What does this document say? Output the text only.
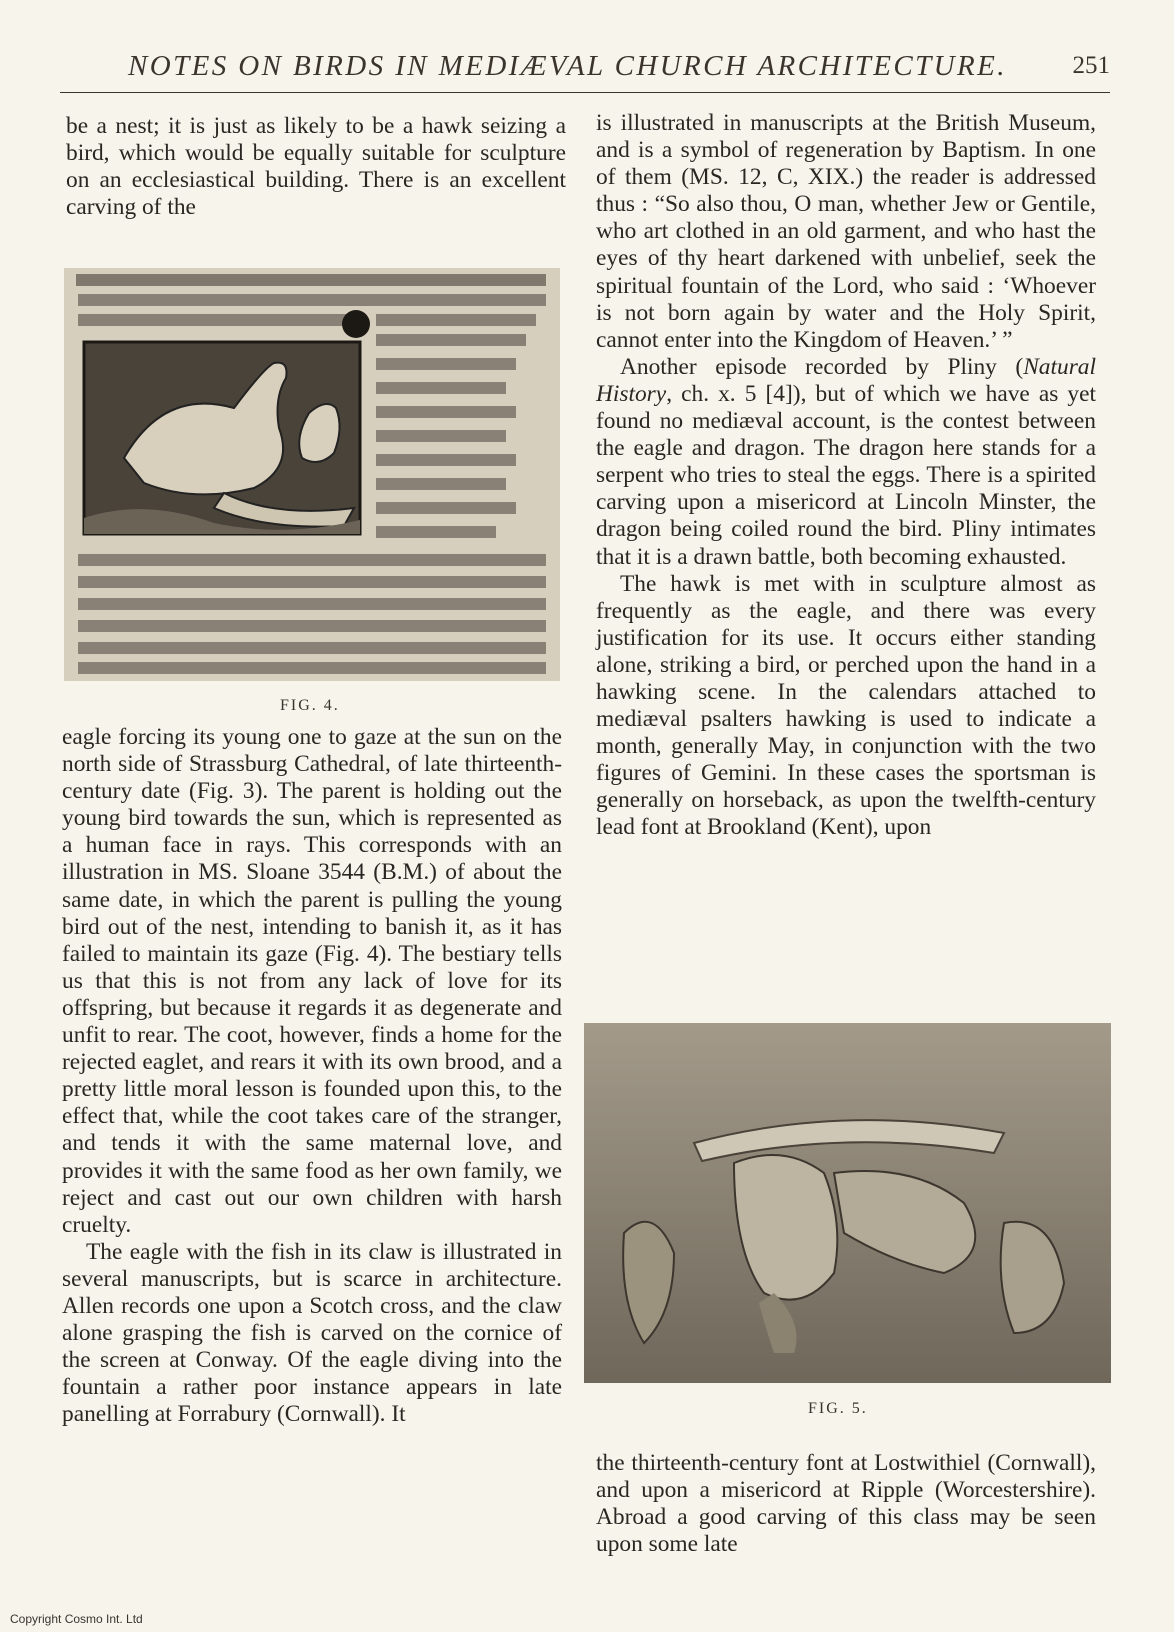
NOTES ON BIRDS IN MEDIÆVAL CHURCH ARCHITECTURE.	251

be a nest; it is just as likely to be a hawk seizing a bird, which would be equally suitable for sculpture on an ecclesiastical building. There is an excellent carving of the

FIG. 4.

eagle forcing its young one to gaze at the sun on the north side of Strassburg Cathedral, of late thirteenth-century date (Fig. 3). The parent is holding out the young bird towards the sun, which is represented as a human face in rays. This corresponds with an illustration in MS. Sloane 3544 (B.M.) of about the same date, in which the parent is pulling the young bird out of the nest, intending to banish it, as it has failed to maintain its gaze (Fig. 4). The bestiary tells us that this is not from any lack of love for its offspring, but because it regards it as degenerate and unfit to rear. The coot, however, finds a home for the rejected eaglet, and rears it with its own brood, and a pretty little moral lesson is founded upon this, to the effect that, while the coot takes care of the stranger, and tends it with the same maternal love, and provides it with the same food as her own family, we reject and cast out our own children with harsh cruelty.

The eagle with the fish in its claw is illustrated in several manuscripts, but is scarce in architecture. Allen records one upon a Scotch cross, and the claw alone grasping the fish is carved on the cornice of the screen at Conway. Of the eagle diving into the fountain a rather poor instance appears in late panelling at Forrabury (Cornwall). It

is illustrated in manuscripts at the British Museum, and is a symbol of regeneration by Baptism. In one of them (MS. 12, C, XIX.) the reader is addressed thus : “So also thou, O man, whether Jew or Gentile, who art clothed in an old garment, and who hast the eyes of thy heart darkened with unbelief, seek the spiritual fountain of the Lord, who said : ‘Whoever is not born again by water and the Holy Spirit, cannot enter into the Kingdom of Heaven.’ ”

Another episode recorded by Pliny (Natural History, ch. x. 5 [4]), but of which we have as yet found no mediæval account, is the contest between the eagle and dragon. The dragon here stands for a serpent who tries to steal the eggs. There is a spirited carving upon a misericord at Lincoln Minster, the dragon being coiled round the bird. Pliny intimates that it is a drawn battle, both becoming exhausted.

The hawk is met with in sculpture almost as frequently as the eagle, and there was every justification for its use. It occurs either standing alone, striking a bird, or perched upon the hand in a hawking scene. In the calendars attached to mediæval psalters hawking is used to indicate a month, generally May, in conjunction with the two figures of Gemini. In these cases the sportsman is generally on horseback, as upon the twelfth-century lead font at Brookland (Kent), upon

FIG. 5.

the thirteenth-century font at Lostwithiel (Cornwall), and upon a misericord at Ripple (Worcestershire). Abroad a good carving of this class may be seen upon some late

Copyright Cosmo Int. Ltd
